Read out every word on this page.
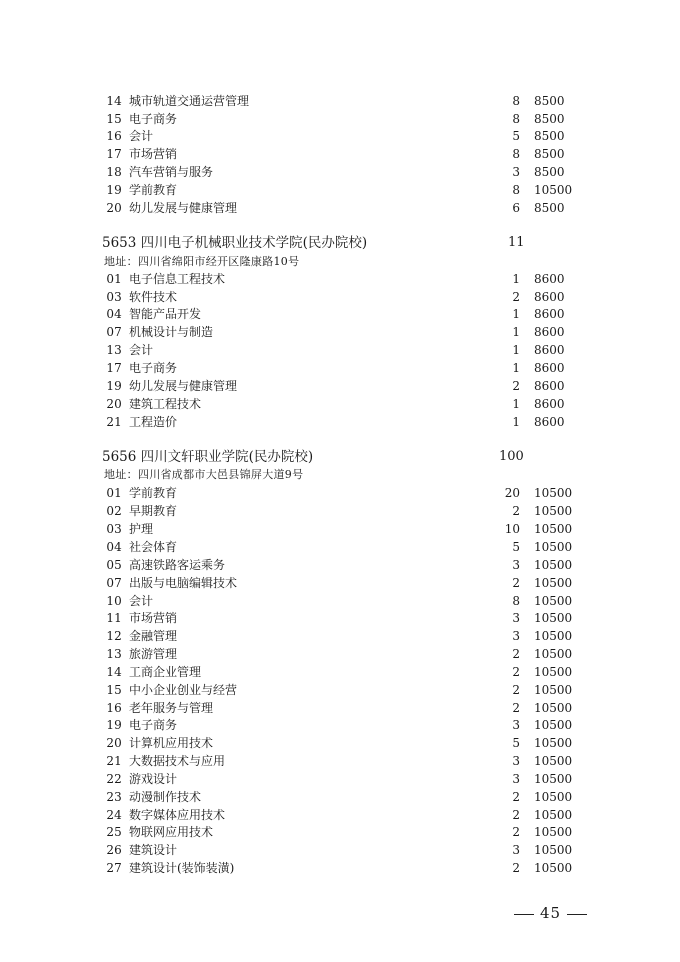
14 城市轨道交通运营管理	8 8500
15 电子商务	8 8500
16 会计	5 8500
17 市场营销	8 8500
18 汽车营销与服务	3 8500
19 学前教育	8 10500
20 幼儿发展与健康管理	6 8500
5653 四川电子机械职业技术学院(民办院校)	11
地址：四川省绵阳市经开区隆康路10号
01 电子信息工程技术	1 8600
03 软件技术	2 8600
04 智能产品开发	1 8600
07 机械设计与制造	1 8600
13 会计	1 8600
17 电子商务	1 8600
19 幼儿发展与健康管理	2 8600
20 建筑工程技术	1 8600
21 工程造价	1 8600
5656 四川文轩职业学院(民办院校)	100
地址：四川省成都市大邑县锦屏大道9号
01 学前教育	20 10500
02 早期教育	2 10500
03 护理	10 10500
04 社会体育	5 10500
05 高速铁路客运乘务	3 10500
07 出版与电脑编辑技术	2 10500
10 会计	8 10500
11 市场营销	3 10500
12 金融管理	3 10500
13 旅游管理	2 10500
14 工商企业管理	2 10500
15 中小企业创业与经营	2 10500
16 老年服务与管理	2 10500
19 电子商务	3 10500
20 计算机应用技术	5 10500
21 大数据技术与应用	3 10500
22 游戏设计	3 10500
23 动漫制作技术	2 10500
24 数字媒体应用技术	2 10500
25 物联网应用技术	2 10500
26 建筑设计	3 10500
27 建筑设计(装饰装潢)	2 10500
45
